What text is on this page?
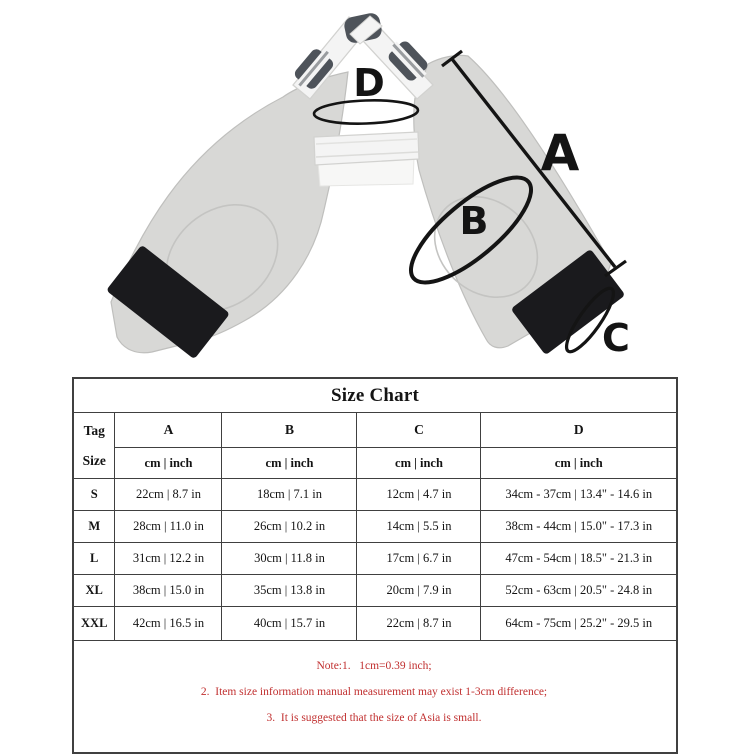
D
A
B
C
Size Chart				

Tag
Size	A	B	C	D
	cm | inch	cm | inch	cm | inch	cm | inch
S	22cm | 8.7 in	18cm | 7.1 in	12cm | 4.7 in	34cm - 37cm | 13.4" - 14.6 in
M	28cm | 11.0 in	26cm | 10.2 in	14cm | 5.5 in	38cm - 44cm | 15.0" - 17.3 in
L	31cm | 12.2 in	30cm | 11.8 in	17cm | 6.7 in	47cm - 54cm | 18.5" - 21.3 in
XL	38cm | 15.0 in	35cm | 13.8 in	20cm | 7.9 in	52cm - 63cm | 20.5" - 24.8 in
XXL	42cm | 16.5 in	40cm | 15.7 in	22cm | 8.7 in	64cm - 75cm | 25.2" - 29.5 in

Note:1.   1cm=0.39 inch;

2.  Item size information manual measurement may exist 1-3cm difference;

3.  It is suggested that the size of Asia is small.				
